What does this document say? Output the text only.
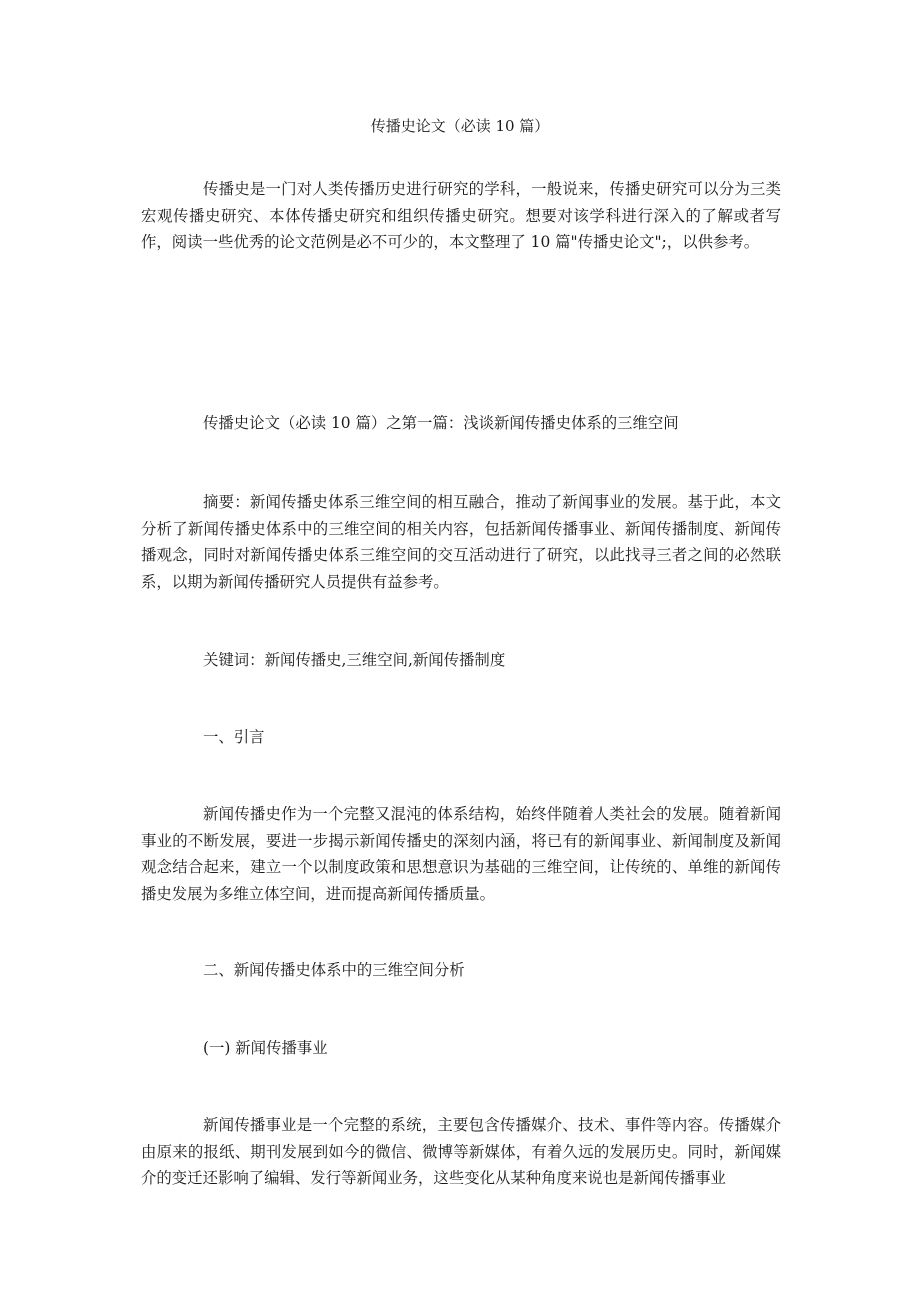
传播史论文（必读 10 篇）

传播史是一门对人类传播历史进行研究的学科，一般说来，传播史研究可以分为三类 宏观传播史研究、本体传播史研究和组织传播史研究。想要对该学科进行深入的了解或者写作，阅读一些优秀的论文范例是必不可少的，本文整理了 10 篇"传播史论文";，以供参考。

传播史论文（必读 10 篇）之第一篇：浅谈新闻传播史体系的三维空间

摘要：新闻传播史体系三维空间的相互融合，推动了新闻事业的发展。基于此，本文分析了新闻传播史体系中的三维空间的相关内容，包括新闻传播事业、新闻传播制度、新闻传播观念，同时对新闻传播史体系三维空间的交互活动进行了研究，以此找寻三者之间的必然联系，以期为新闻传播研究人员提供有益参考。

关键词：新闻传播史,三维空间,新闻传播制度

一、引言

新闻传播史作为一个完整又混沌的体系结构，始终伴随着人类社会的发展。随着新闻事业的不断发展，要进一步揭示新闻传播史的深刻内涵，将已有的新闻事业、新闻制度及新闻观念结合起来，建立一个以制度政策和思想意识为基础的三维空间，让传统的、单维的新闻传播史发展为多维立体空间，进而提高新闻传播质量。

二、新闻传播史体系中的三维空间分析

(一) 新闻传播事业

新闻传播事业是一个完整的系统，主要包含传播媒介、技术、事件等内容。传播媒介由原来的报纸、期刊发展到如今的微信、微博等新媒体，有着久远的发展历史。同时，新闻媒介的变迁还影响了编辑、发行等新闻业务，这些变化从某种角度来说也是新闻传播事业
